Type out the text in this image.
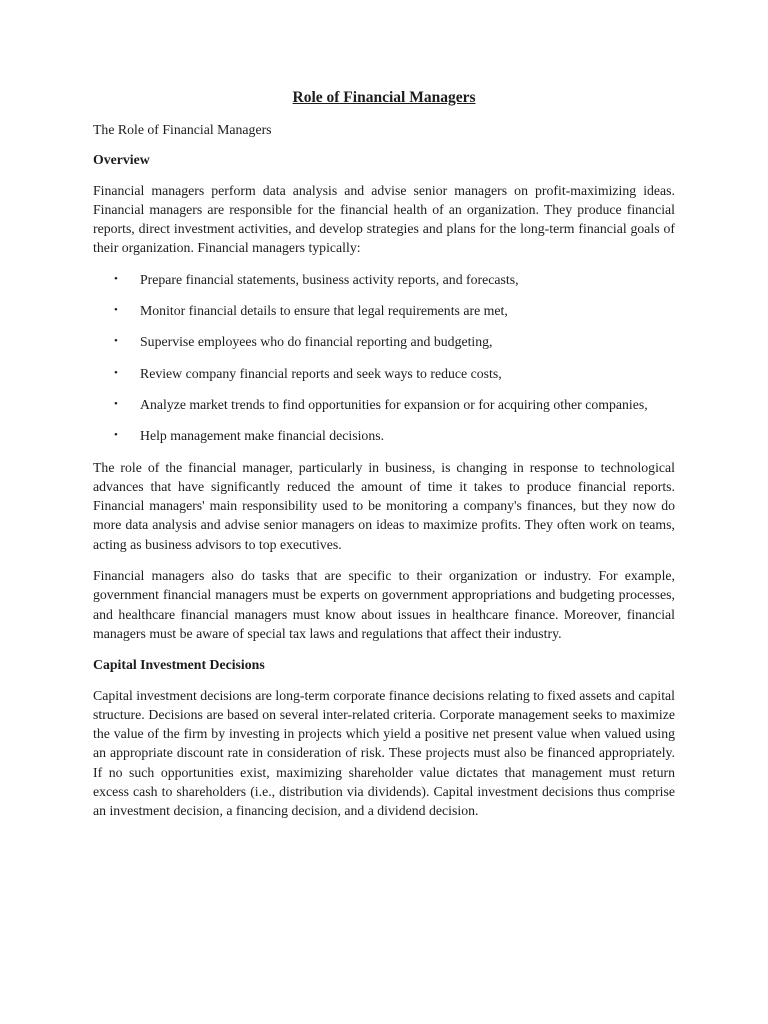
Role of Financial Managers
The Role of Financial Managers
Overview
Financial managers perform data analysis and advise senior managers on profit-maximizing ideas. Financial managers are responsible for the financial health of an organization. They produce financial reports, direct investment activities, and develop strategies and plans for the long-term financial goals of their organization. Financial managers typically:
• Prepare financial statements, business activity reports, and forecasts,
• Monitor financial details to ensure that legal requirements are met,
• Supervise employees who do financial reporting and budgeting,
• Review company financial reports and seek ways to reduce costs,
• Analyze market trends to find opportunities for expansion or for acquiring other companies,
• Help management make financial decisions.
The role of the financial manager, particularly in business, is changing in response to technological advances that have significantly reduced the amount of time it takes to produce financial reports. Financial managers' main responsibility used to be monitoring a company's finances, but they now do more data analysis and advise senior managers on ideas to maximize profits. They often work on teams, acting as business advisors to top executives.
Financial managers also do tasks that are specific to their organization or industry. For example, government financial managers must be experts on government appropriations and budgeting processes, and healthcare financial managers must know about issues in healthcare finance. Moreover, financial managers must be aware of special tax laws and regulations that affect their industry.
Capital Investment Decisions
Capital investment decisions are long-term corporate finance decisions relating to fixed assets and capital structure. Decisions are based on several inter-related criteria. Corporate management seeks to maximize the value of the firm by investing in projects which yield a positive net present value when valued using an appropriate discount rate in consideration of risk. These projects must also be financed appropriately. If no such opportunities exist, maximizing shareholder value dictates that management must return excess cash to shareholders (i.e., distribution via dividends). Capital investment decisions thus comprise an investment decision, a financing decision, and a dividend decision.
